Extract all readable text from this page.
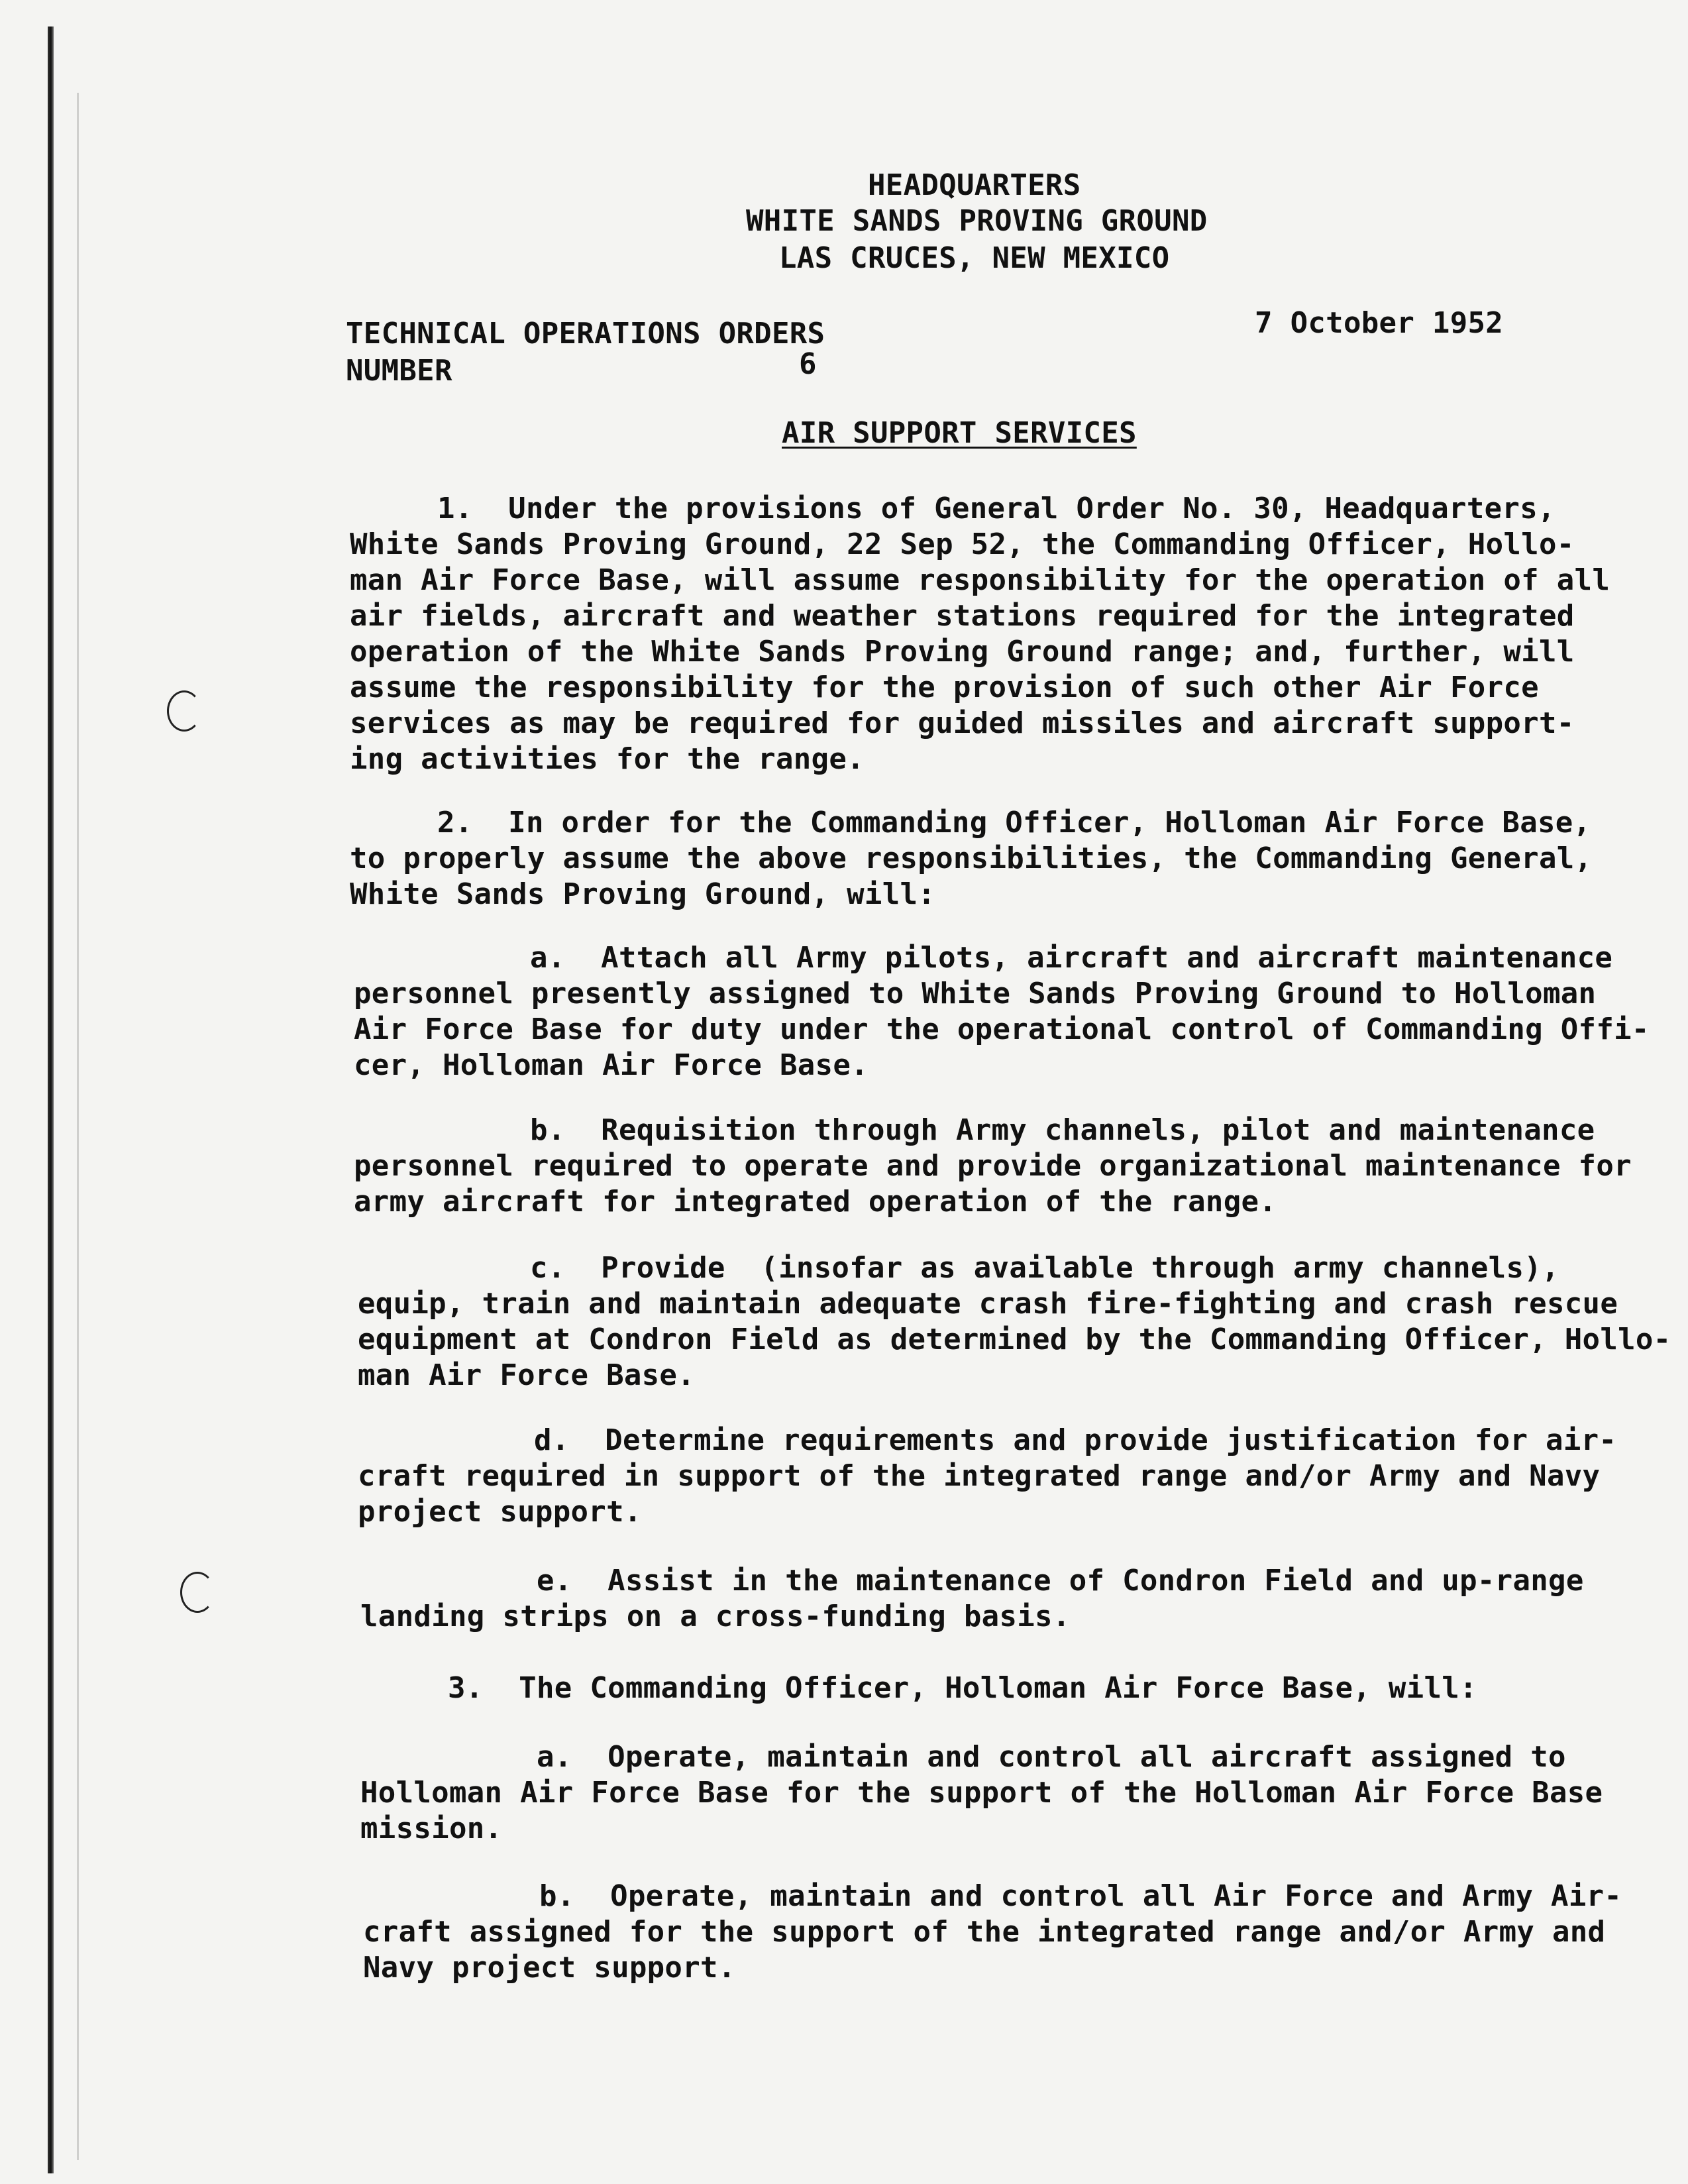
HEADQUARTERS
WHITE SANDS PROVING GROUND
LAS CRUCES, NEW MEXICO
TECHNICAL OPERATIONS ORDERS	7 October 1952
NUMBER	6
AIR SUPPORT SERVICES
1.  Under the provisions of General Order No. 30, Headquarters,
White Sands Proving Ground, 22 Sep 52, the Commanding Officer, Hollo-
man Air Force Base, will assume responsibility for the operation of all
air fields, aircraft and weather stations required for the integrated
operation of the White Sands Proving Ground range; and, further, will
assume the responsibility for the provision of such other Air Force
services as may be required for guided missiles and aircraft support-
ing activities for the range.
2.  In order for the Commanding Officer, Holloman Air Force Base,
to properly assume the above responsibilities, the Commanding General,
White Sands Proving Ground, will:
a.  Attach all Army pilots, aircraft and aircraft maintenance
personnel presently assigned to White Sands Proving Ground to Holloman
Air Force Base for duty under the operational control of Commanding Offi-
cer, Holloman Air Force Base.
b.  Requisition through Army channels, pilot and maintenance
personnel required to operate and provide organizational maintenance for
army aircraft for integrated operation of the range.
c.  Provide  (insofar as available through army channels),
equip, train and maintain adequate crash fire-fighting and crash rescue
equipment at Condron Field as determined by the Commanding Officer, Hollo-
man Air Force Base.
d.  Determine requirements and provide justification for air-
craft required in support of the integrated range and/or Army and Navy
project support.
e.  Assist in the maintenance of Condron Field and up-range
landing strips on a cross-funding basis.
3.  The Commanding Officer, Holloman Air Force Base, will:
a.  Operate, maintain and control all aircraft assigned to
Holloman Air Force Base for the support of the Holloman Air Force Base
mission.
b.  Operate, maintain and control all Air Force and Army Air-
craft assigned for the support of the integrated range and/or Army and
Navy project support.
